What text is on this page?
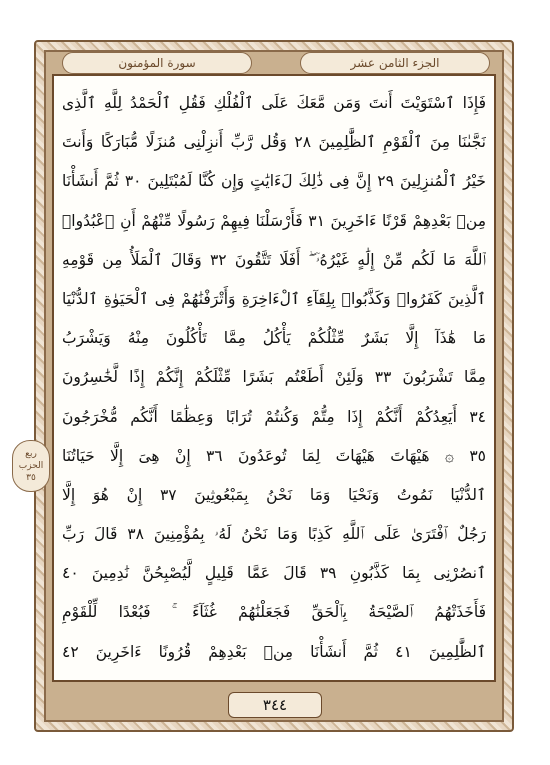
الجزء الثامن عشر
سورة المؤمنون
فَإِذَا ٱسْتَوَيْتَ أَنتَ وَمَن مَّعَكَ عَلَى ٱلْفُلْكِ فَقُلِ ٱلْحَمْدُ لِلَّهِ ٱلَّذِى
نَجَّىٰنَا مِنَ ٱلْقَوْمِ ٱلظَّٰلِمِينَ ٢٨ وَقُل رَّبِّ أَنزِلْنِى مُنزَلًا مُّبَارَكًا وَأَنتَ
خَيْرُ ٱلْمُنزِلِينَ ٢٩ إِنَّ فِى ذَٰلِكَ لَءَايَٰتٍ وَإِن كُنَّا لَمُبْتَلِينَ ٣٠ ثُمَّ أَنشَأْنَا
مِنۢ بَعْدِهِمْ قَرْنًا ءَاخَرِينَ ٣١ فَأَرْسَلْنَا فِيهِمْ رَسُولًا مِّنْهُمْ أَنِ ٱعْبُدُوا۟
ٱللَّهَ مَا لَكُم مِّنْ إِلَٰهٍ غَيْرُهُۥٓ ۖ أَفَلَا تَتَّقُونَ ٣٢ وَقَالَ ٱلْمَلَأُ مِن قَوْمِهِ
ٱلَّذِينَ كَفَرُوا۟ وَكَذَّبُوا۟ بِلِقَآءِ ٱلْءَاخِرَةِ وَأَتْرَفْنَٰهُمْ فِى ٱلْحَيَوٰةِ ٱلدُّنْيَا
مَا هَٰذَآ إِلَّا بَشَرٌ مِّثْلُكُمْ يَأْكُلُ مِمَّا تَأْكُلُونَ مِنْهُ وَيَشْرَبُ
مِمَّا تَشْرَبُونَ ٣٣ وَلَئِنْ أَطَعْتُم بَشَرًا مِّثْلَكُمْ إِنَّكُمْ إِذًا لَّخَٰسِرُونَ
٣٤ أَيَعِدُكُمْ أَنَّكُمْ إِذَا مِتُّمْ وَكُنتُمْ تُرَابًا وَعِظَٰمًا أَنَّكُم مُّخْرَجُونَ
٣٥ ۞ هَيْهَاتَ هَيْهَاتَ لِمَا تُوعَدُونَ ٣٦ إِنْ هِىَ إِلَّا حَيَاتُنَا
ٱلدُّنْيَا نَمُوتُ وَنَحْيَا وَمَا نَحْنُ بِمَبْعُوثِينَ ٣٧ إِنْ هُوَ إِلَّا
رَجُلٌ ٱفْتَرَىٰ عَلَى ٱللَّهِ كَذِبًا وَمَا نَحْنُ لَهُۥ بِمُؤْمِنِينَ ٣٨ قَالَ رَبِّ
ٱنصُرْنِى بِمَا كَذَّبُونِ ٣٩ قَالَ عَمَّا قَلِيلٍ لَّيُصْبِحُنَّ نَٰدِمِينَ ٤٠
فَأَخَذَتْهُمُ ٱلصَّيْحَةُ بِٱلْحَقِّ فَجَعَلْنَٰهُمْ غُثَآءً ۚ فَبُعْدًا لِّلْقَوْمِ
ٱلظَّٰلِمِينَ ٤١ ثُمَّ أَنشَأْنَا مِنۢ بَعْدِهِمْ قُرُونًا ءَاخَرِينَ ٤٢
ربع
الحزب
٣٥
٣٤٤
